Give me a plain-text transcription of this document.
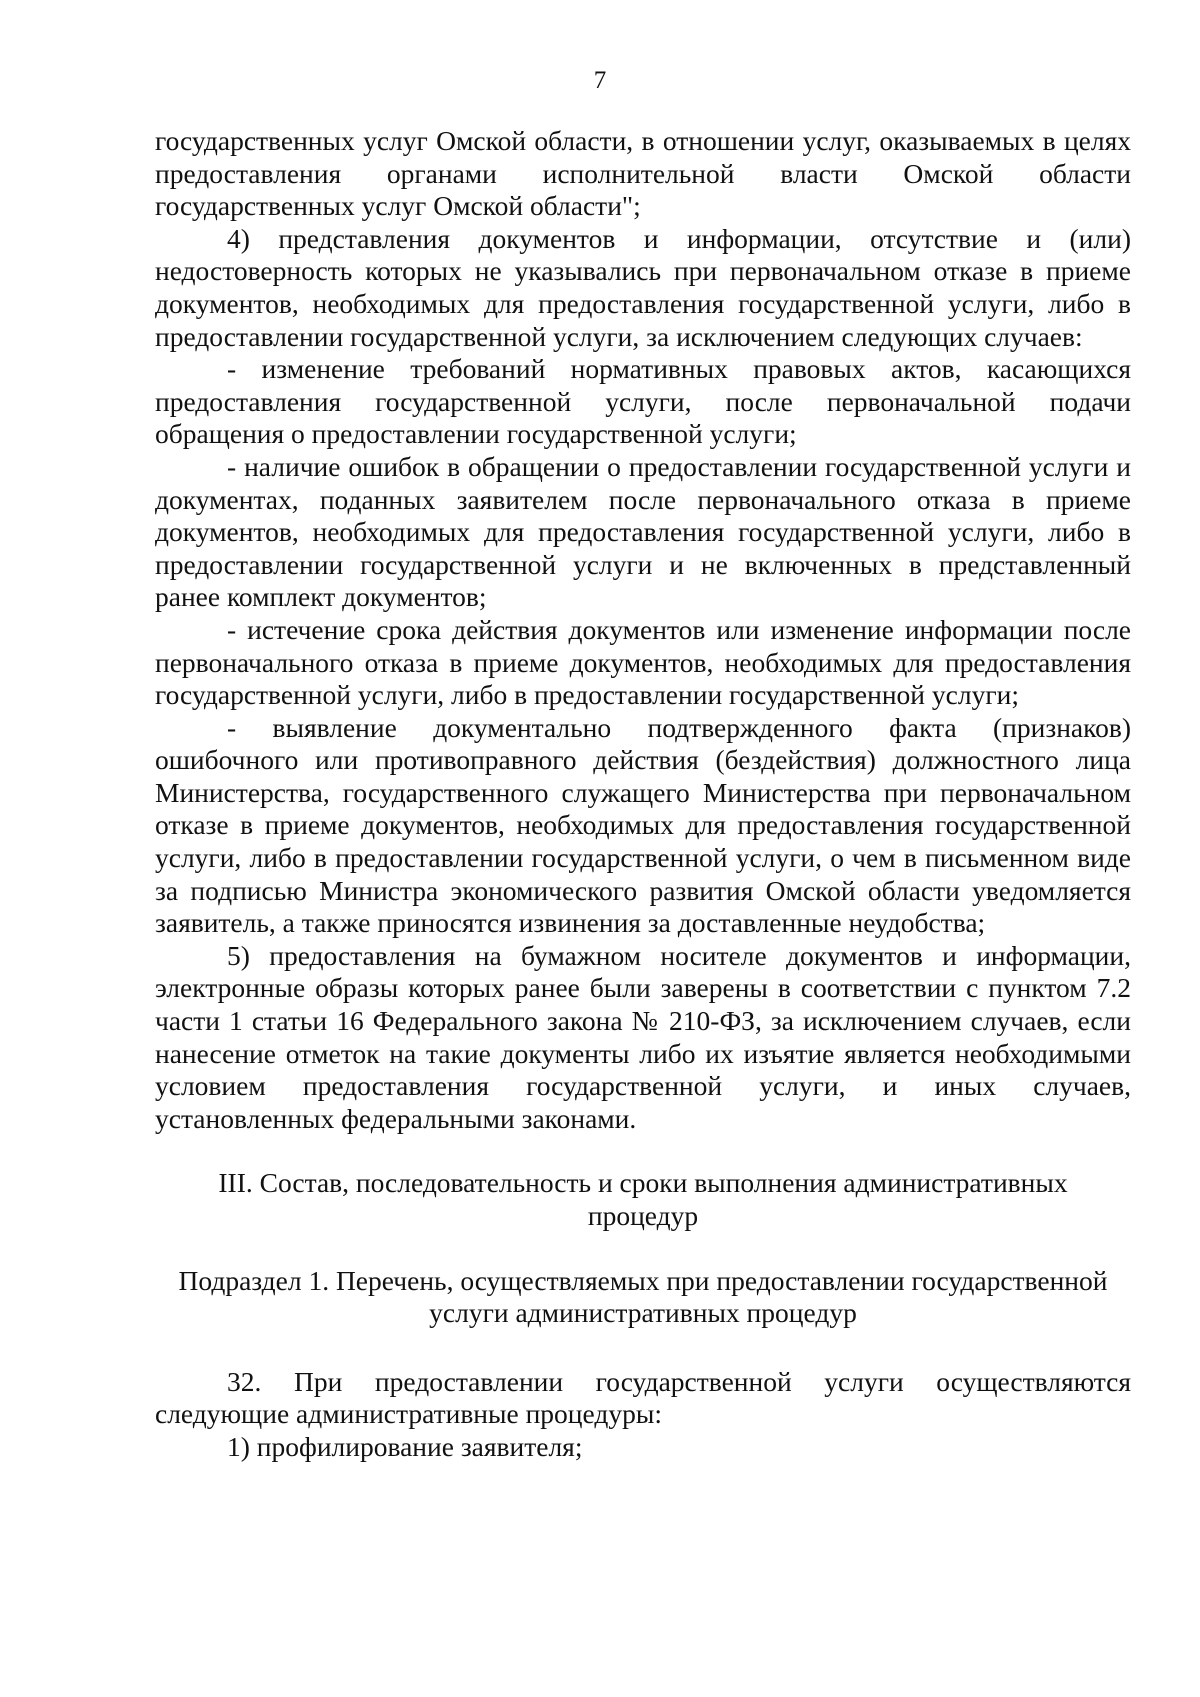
7

государственных услуг Омской области, в отношении услуг, оказываемых в целях предоставления органами исполнительной власти Омской области государственных услуг Омской области";

4) представления документов и информации, отсутствие и (или) недостоверность которых не указывались при первоначальном отказе в приеме документов, необходимых для предоставления государственной услуги, либо в предоставлении государственной услуги, за исключением следующих случаев:

- изменение требований нормативных правовых актов, касающихся предоставления государственной услуги, после первоначальной подачи обращения о предоставлении государственной услуги;

- наличие ошибок в обращении о предоставлении государственной услуги и документах, поданных заявителем после первоначального отказа в приеме документов, необходимых для предоставления государственной услуги, либо в предоставлении государственной услуги и не включенных в представленный ранее комплект документов;

- истечение срока действия документов или изменение информации после первоначального отказа в приеме документов, необходимых для предоставления государственной услуги, либо в предоставлении государственной услуги;

- выявление документально подтвержденного факта (признаков) ошибочного или противоправного действия (бездействия) должностного лица Министерства, государственного служащего Министерства при первоначальном отказе в приеме документов, необходимых для предоставления государственной услуги, либо в предоставлении государственной услуги, о чем в письменном виде за подписью Министра экономического развития Омской области уведомляется заявитель, а также приносятся извинения за доставленные неудобства;

5) предоставления на бумажном носителе документов и информации, электронные образы которых ранее были заверены в соответствии с пунктом 7.2 части 1 статьи 16 Федерального закона № 210-ФЗ, за исключением случаев, если нанесение отметок на такие документы либо их изъятие является необходимыми условием предоставления государственной услуги, и иных случаев, установленных федеральными законами.

III. Состав, последовательность и сроки выполнения административных

процедур

Подраздел 1. Перечень, осуществляемых при предоставлении государственной

услуги административных процедур

32. При предоставлении государственной услуги осуществляются следующие административные процедуры:

1) профилирование заявителя;
